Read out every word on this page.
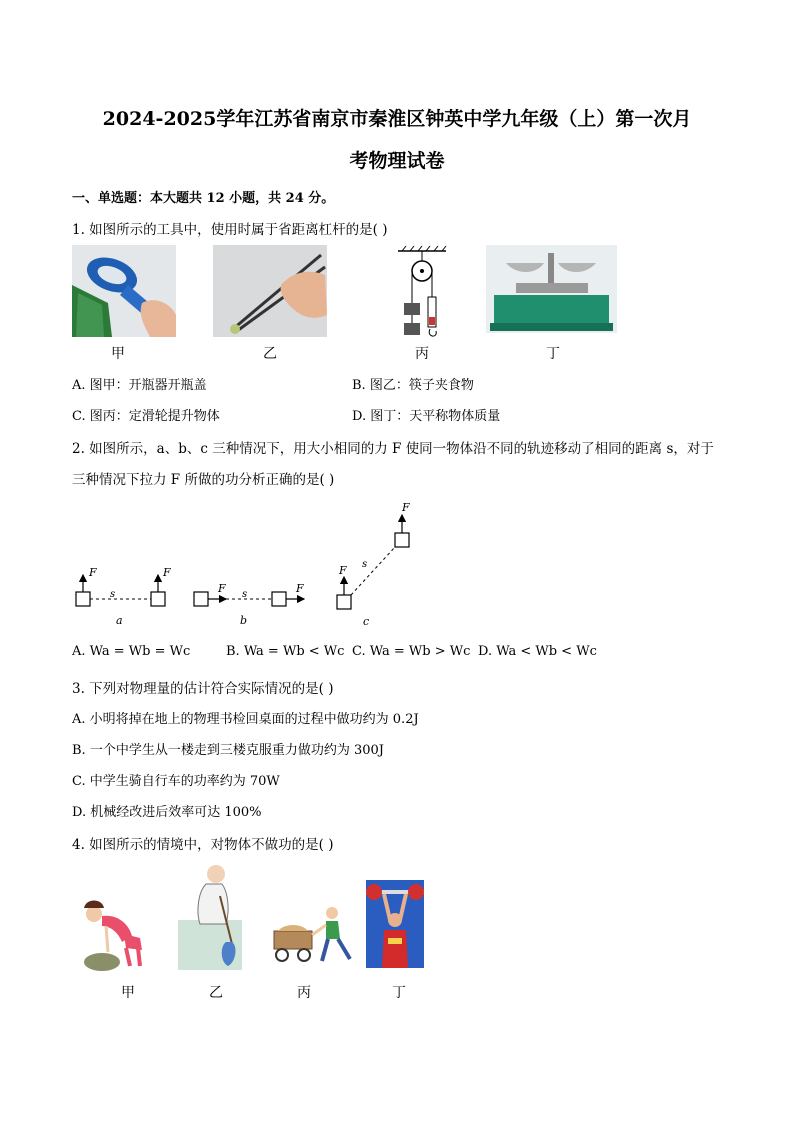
2024-2025学年江苏省南京市秦淮区钟英中学九年级（上）第一次月
考物理试卷
一、单选题：本大题共 12 小题，共 24 分。
1. 如图所示的工具中，使用时属于省距离杠杆的是( )
甲	乙	丙	丁
A. 图甲：开瓶器开瓶盖	B. 图乙：筷子夹食物
C. 图丙：定滑轮提升物体	D. 图丁：天平称物体质量
2. 如图所示，a、b、c 三种情况下，用大小相同的力 F 使同一物体沿不同的轨迹移动了相同的距离 s，对于
三种情况下拉力 F 所做的功分析正确的是( )
F
s
F
a
F s	F
b
F s
F
c
A. Wa = Wb = Wc	B. Wa = Wb < Wc C. Wa = Wb > Wc D. Wa < Wb < Wc
3. 下列对物理量的估计符合实际情况的是( )
A. 小明将掉在地上的物理书检回桌面的过程中做功约为 0.2J
B. 一个中学生从一楼走到三楼克服重力做功约为 300J
C. 中学生骑自行车的功率约为 70W
D. 机械经改进后效率可达 100%
4. 如图所示的情境中，对物体不做功的是( )
甲	乙	丙	丁
